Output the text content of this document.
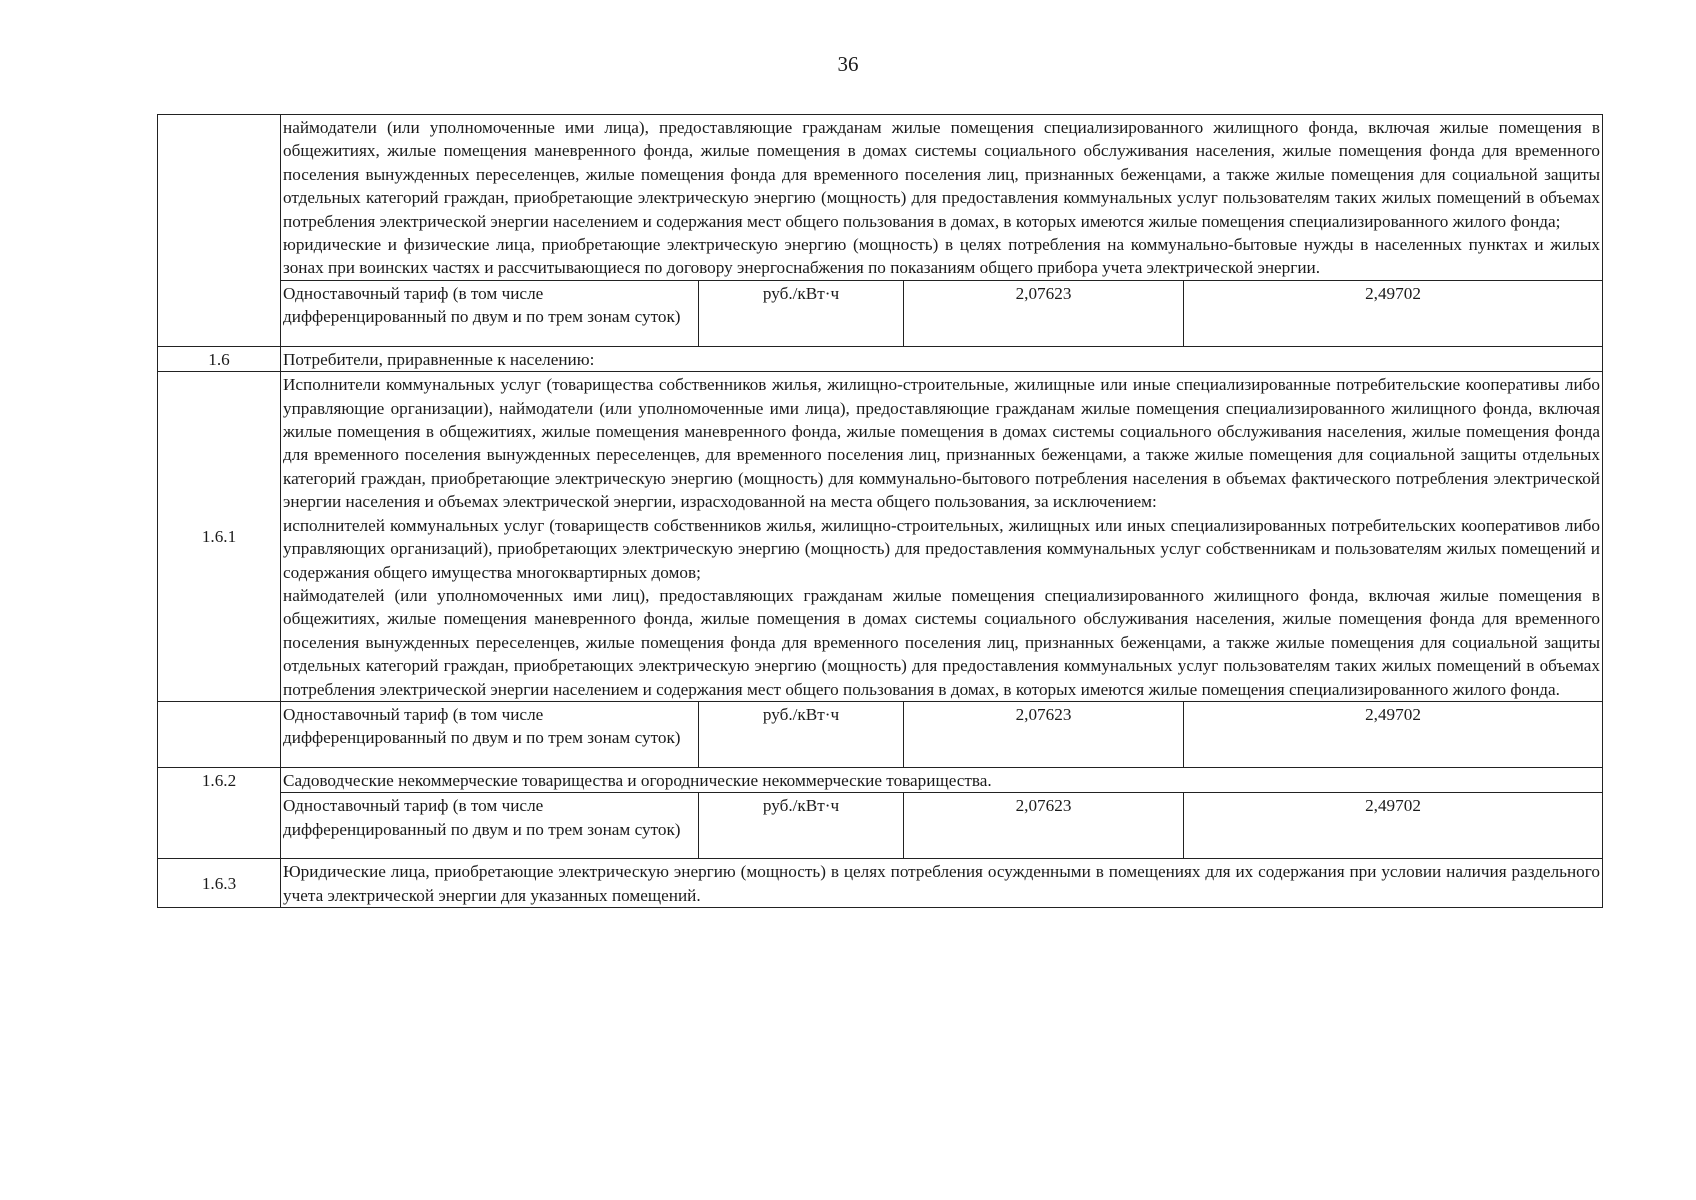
36

	наймодатели (или уполномоченные ими лица), предоставляющие гражданам жилые помещения специализированного жилищного фонда, включая жилые помещения в общежитиях, жилые помещения маневренного фонда, жилые помещения в домах системы социального обслуживания населения, жилые помещения фонда для временного поселения вынужденных переселенцев, жилые помещения фонда для временного поселения лиц, признанных беженцами, а также жилые помещения для социальной защиты отдельных категорий граждан, приобретающие электрическую энергию (мощность) для предоставления коммунальных услуг пользователям таких жилых помещений в объемах потребления электрической энергии населением и содержания мест общего пользования в домах, в которых имеются жилые помещения специализированного жилого фонда;
юридические и физические лица, приобретающие электрическую энергию (мощность) в целях потребления на коммунально-бытовые нужды в населенных пунктах и жилых зонах при воинских частях и рассчитывающиеся по договору энергоснабжения по показаниям общего прибора учета электрической энергии.			

	Одноставочный тариф (в том числе дифференцированный по двум и по трем зонам суток)	руб./кВт·ч	2,07623	2,49702
1.6	Потребители, приравненные к населению:			
1.6.1	Исполнители коммунальных услуг (товарищества собственников жилья, жилищно-строительные, жилищные или иные специализированные потребительские кооперативы либо управляющие организации), наймодатели (или уполномоченные ими лица), предоставляющие гражданам жилые помещения специализированного жилищного фонда, включая жилые помещения в общежитиях, жилые помещения маневренного фонда, жилые помещения в домах системы социального обслуживания населения, жилые помещения фонда для временного поселения вынужденных переселенцев, для временного поселения лиц, признанных беженцами, а также жилые помещения для социальной защиты отдельных категорий граждан, приобретающие электрическую энергию (мощность) для коммунально-бытового потребления населения в объемах фактического потребления электрической энергии населения и объемах электрической энергии, израсходованной на места общего пользования, за исключением:
исполнителей коммунальных услуг (товариществ собственников жилья, жилищно-строительных, жилищных или иных специализированных потребительских кооперативов либо управляющих организаций), приобретающих электрическую энергию (мощность) для предоставления коммунальных услуг собственникам и пользователям жилых помещений и содержания общего имущества многоквартирных домов;
наймодателей (или уполномоченных ими лиц), предоставляющих гражданам жилые помещения специализированного жилищного фонда, включая жилые помещения в общежитиях, жилые помещения маневренного фонда, жилые помещения в домах системы социального обслуживания населения, жилые помещения фонда для временного поселения вынужденных переселенцев, жилые помещения фонда для временного поселения лиц, признанных беженцами, а также жилые помещения для социальной защиты отдельных категорий граждан, приобретающих электрическую энергию (мощность) для предоставления коммунальных услуг пользователям таких жилых помещений в объемах потребления электрической энергии населением и содержания мест общего пользования в домах, в которых имеются жилые помещения специализированного жилого фонда.			

	Одноставочный тариф (в том числе дифференцированный по двум и по трем зонам суток)	руб./кВт·ч	2,07623	2,49702
1.6.2	Садоводческие некоммерческие товарищества и огороднические некоммерческие товарищества.			
	Одноставочный тариф (в том числе дифференцированный по двум и по трем зонам суток)	руб./кВт·ч	2,07623	2,49702
1.6.3	Юридические лица, приобретающие электрическую энергию (мощность) в целях потребления осужденными в помещениях для их содержания при условии наличия раздельного учета электрической энергии для указанных помещений.			
